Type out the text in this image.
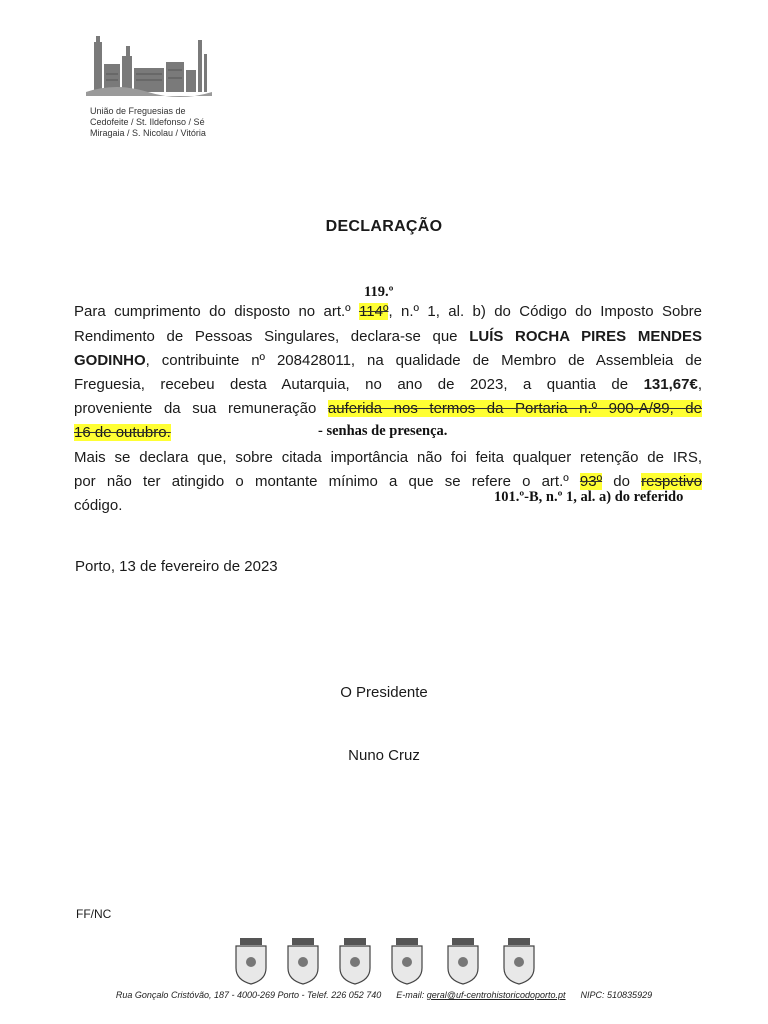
União de Freguesias de
Cedofeite / St. Ildefonso / Sé
Miragaia / S. Nicolau / Vitória
DECLARAÇÃO
119.º
Para cumprimento do disposto no art.º 114º, n.º 1, al. b) do Código do Imposto Sobre
Rendimento de Pessoas Singulares, declara-se que LUÍS ROCHA PIRES MENDES
GODINHO, contribuinte nº 208428011, na qualidade de Membro de Assembleia de
Freguesia, recebeu desta Autarquia, no ano de 2023, a quantia de 131,67€,
proveniente da sua remuneração auferida nos termos da Portaria n.º 900-A/89, de
16 de outubro.	- senhas de presença.
Mais se declara que, sobre citada importância não foi feita qualquer retenção de IRS,
por não ter atingido o montante mínimo a que se refere o art.º 93º do respetivo
101.º-B, n.º 1, al. a) do referido
código.
Porto, 13 de fevereiro de 2023
O Presidente
Nuno Cruz
FF/NC
Rua Gonçalo Cristóvão, 187 - 4000-269 Porto - Telef. 226 052 740 E-mail: geral@uf-centrohistoricodoporto.pt NIPC: 510835929
